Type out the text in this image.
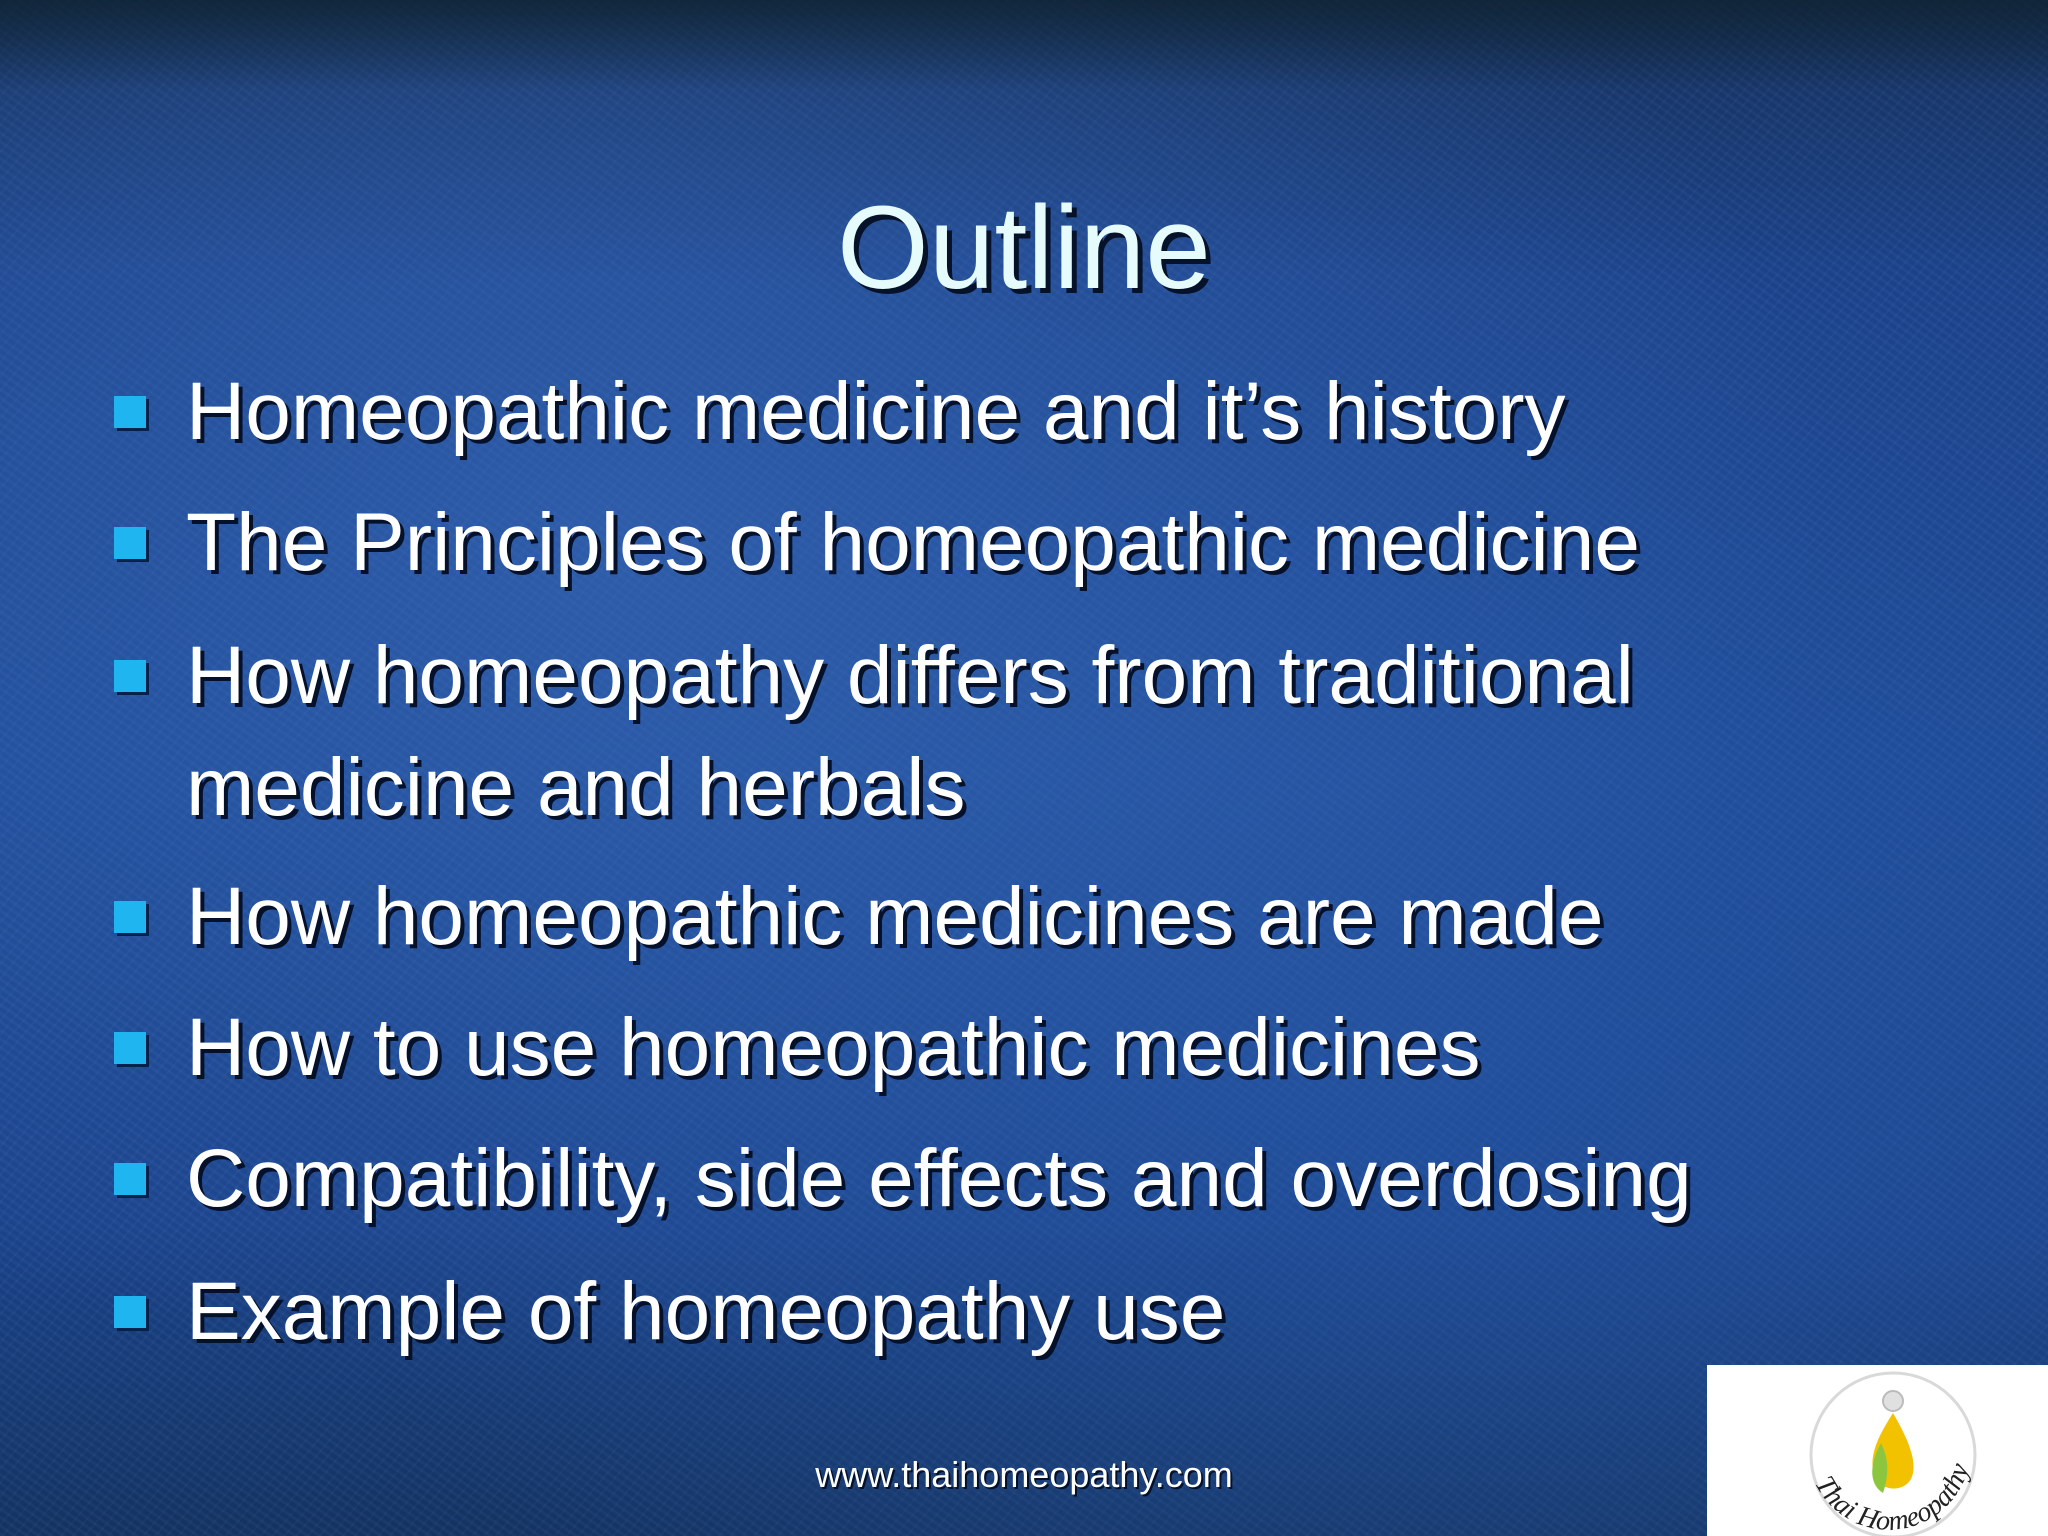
Outline
Homeopathic medicine and it’s history
The Principles of homeopathic medicine
How homeopathy differs from traditional medicine and herbals
How homeopathic medicines are made
How to use homeopathic medicines
Compatibility, side effects and overdosing
Example of homeopathy use
www.thaihomeopathy.com	Thai Homeopathy
